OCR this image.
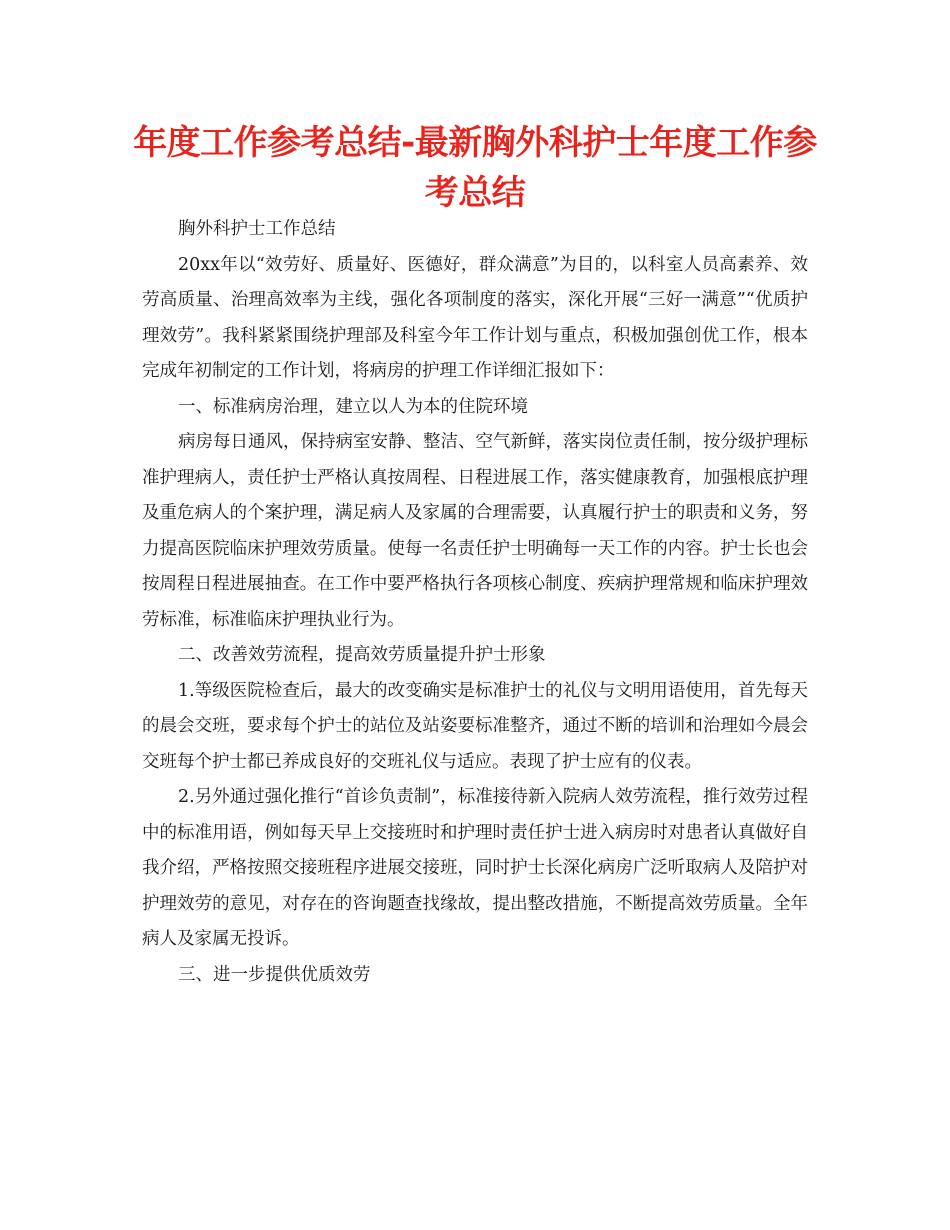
年度工作参考总结-最新胸外科护士年度工作参考总结

胸外科护士工作总结

20xx年以“效劳好、质量好、医德好，群众满意”为目的，以科室人员高素养、效劳高质量、治理高效率为主线，强化各项制度的落实，深化开展“三好一满意”“优质护理效劳”。我科紧紧围绕护理部及科室今年工作计划与重点，积极加强创优工作，根本完成年初制定的工作计划，将病房的护理工作详细汇报如下：

一、标准病房治理，建立以人为本的住院环境

病房每日通风，保持病室安静、整洁、空气新鲜，落实岗位责任制，按分级护理标准护理病人，责任护士严格认真按周程、日程进展工作，落实健康教育，加强根底护理及重危病人的个案护理，满足病人及家属的合理需要，认真履行护士的职责和义务，努力提高医院临床护理效劳质量。使每一名责任护士明确每一天工作的内容。护士长也会按周程日程进展抽查。在工作中要严格执行各项核心制度、疾病护理常规和临床护理效劳标准，标准临床护理执业行为。

二、改善效劳流程，提高效劳质量提升护士形象

1.等级医院检查后，最大的改变确实是标准护士的礼仪与文明用语使用，首先每天的晨会交班，要求每个护士的站位及站姿要标准整齐，通过不断的培训和治理如今晨会交班每个护士都已养成良好的交班礼仪与适应。表现了护士应有的仪表。

2.另外通过强化推行“首诊负责制”，标准接待新入院病人效劳流程，推行效劳过程中的标准用语，例如每天早上交接班时和护理时责任护士进入病房时对患者认真做好自我介绍，严格按照交接班程序进展交接班，同时护士长深化病房广泛听取病人及陪护对护理效劳的意见，对存在的咨询题查找缘故，提出整改措施，不断提高效劳质量。全年病人及家属无投诉。

三、进一步提供优质效劳
